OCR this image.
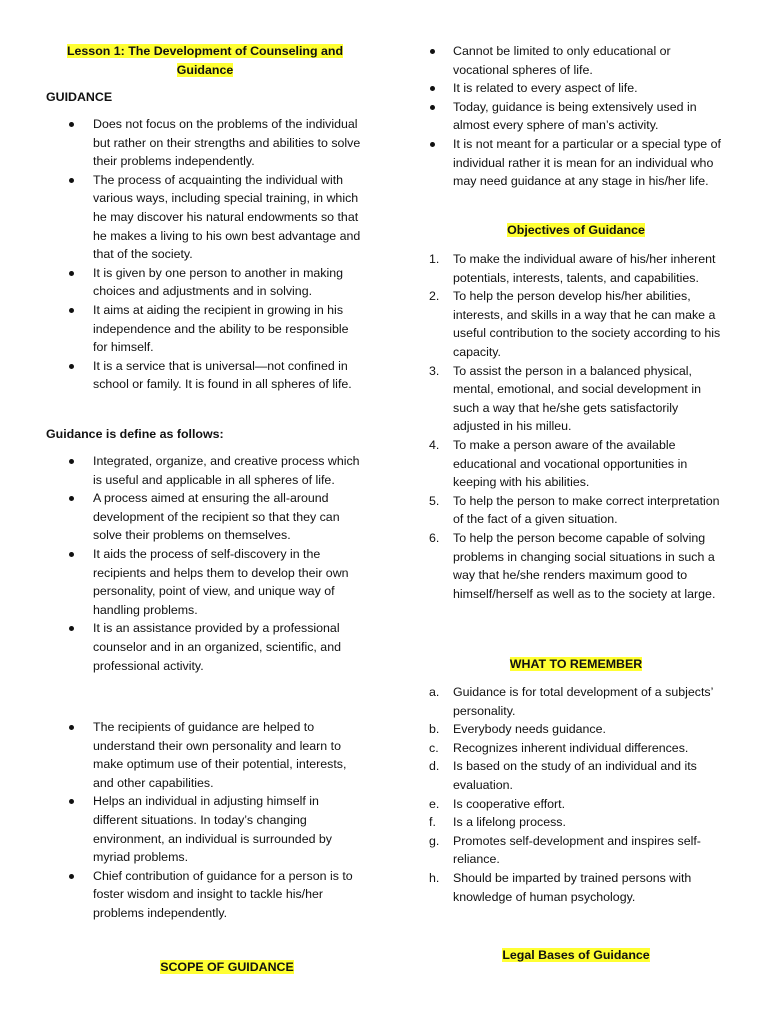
Lesson 1: The Development of Counseling and Guidance
GUIDANCE
Does not focus on the problems of the individual but rather on their strengths and abilities to solve their problems independently.
The process of acquainting the individual with various ways, including special training, in which he may discover his natural endowments so that he makes a living to his own best advantage and that of the society.
It is given by one person to another in making choices and adjustments and in solving.
It aims at aiding the recipient in growing in his independence and the ability to be responsible for himself.
It is a service that is universal—not confined in school or family. It is found in all spheres of life.
Guidance is define as follows:
Integrated, organize, and creative process which is useful and applicable in all spheres of life.
A process aimed at ensuring the all-around development of the recipient so that they can solve their problems on themselves.
It aids the process of self-discovery in the recipients and helps them to develop their own personality, point of view, and unique way of handling problems.
It is an assistance provided by a professional counselor and in an organized, scientific, and professional activity.
The recipients of guidance are helped to understand their own personality and learn to make optimum use of their potential, interests, and other capabilities.
Helps an individual in adjusting himself in different situations. In today’s changing environment, an individual is surrounded by myriad problems.
Chief contribution of guidance for a person is to foster wisdom and insight to tackle his/her problems independently.
SCOPE OF GUIDANCE
Cannot be limited to only educational or vocational spheres of life.
It is related to every aspect of life.
Today, guidance is being extensively used in almost every sphere of man’s activity.
It is not meant for a particular or a special type of individual rather it is mean for an individual who may need guidance at any stage in his/her life.
Objectives of Guidance
1. To make the individual aware of his/her inherent potentials, interests, talents, and capabilities.
2. To help the person develop his/her abilities, interests, and skills in a way that he can make a useful contribution to the society according to his capacity.
3. To assist the person in a balanced physical, mental, emotional, and social development in such a way that he/she gets satisfactorily adjusted in his milleu.
4. To make a person aware of the available educational and vocational opportunities in keeping with his abilities.
5. To help the person to make correct interpretation of the fact of a given situation.
6. To help the person become capable of solving problems in changing social situations in such a way that he/she renders maximum good to himself/herself as well as to the society at large.
WHAT TO REMEMBER
a. Guidance is for total development of a subjects’ personality.
b. Everybody needs guidance.
c. Recognizes inherent individual differences.
d. Is based on the study of an individual and its evaluation.
e. Is cooperative effort.
f. Is a lifelong process.
g. Promotes self-development and inspires self-reliance.
h. Should be imparted by trained persons with knowledge of human psychology.
Legal Bases of Guidance
